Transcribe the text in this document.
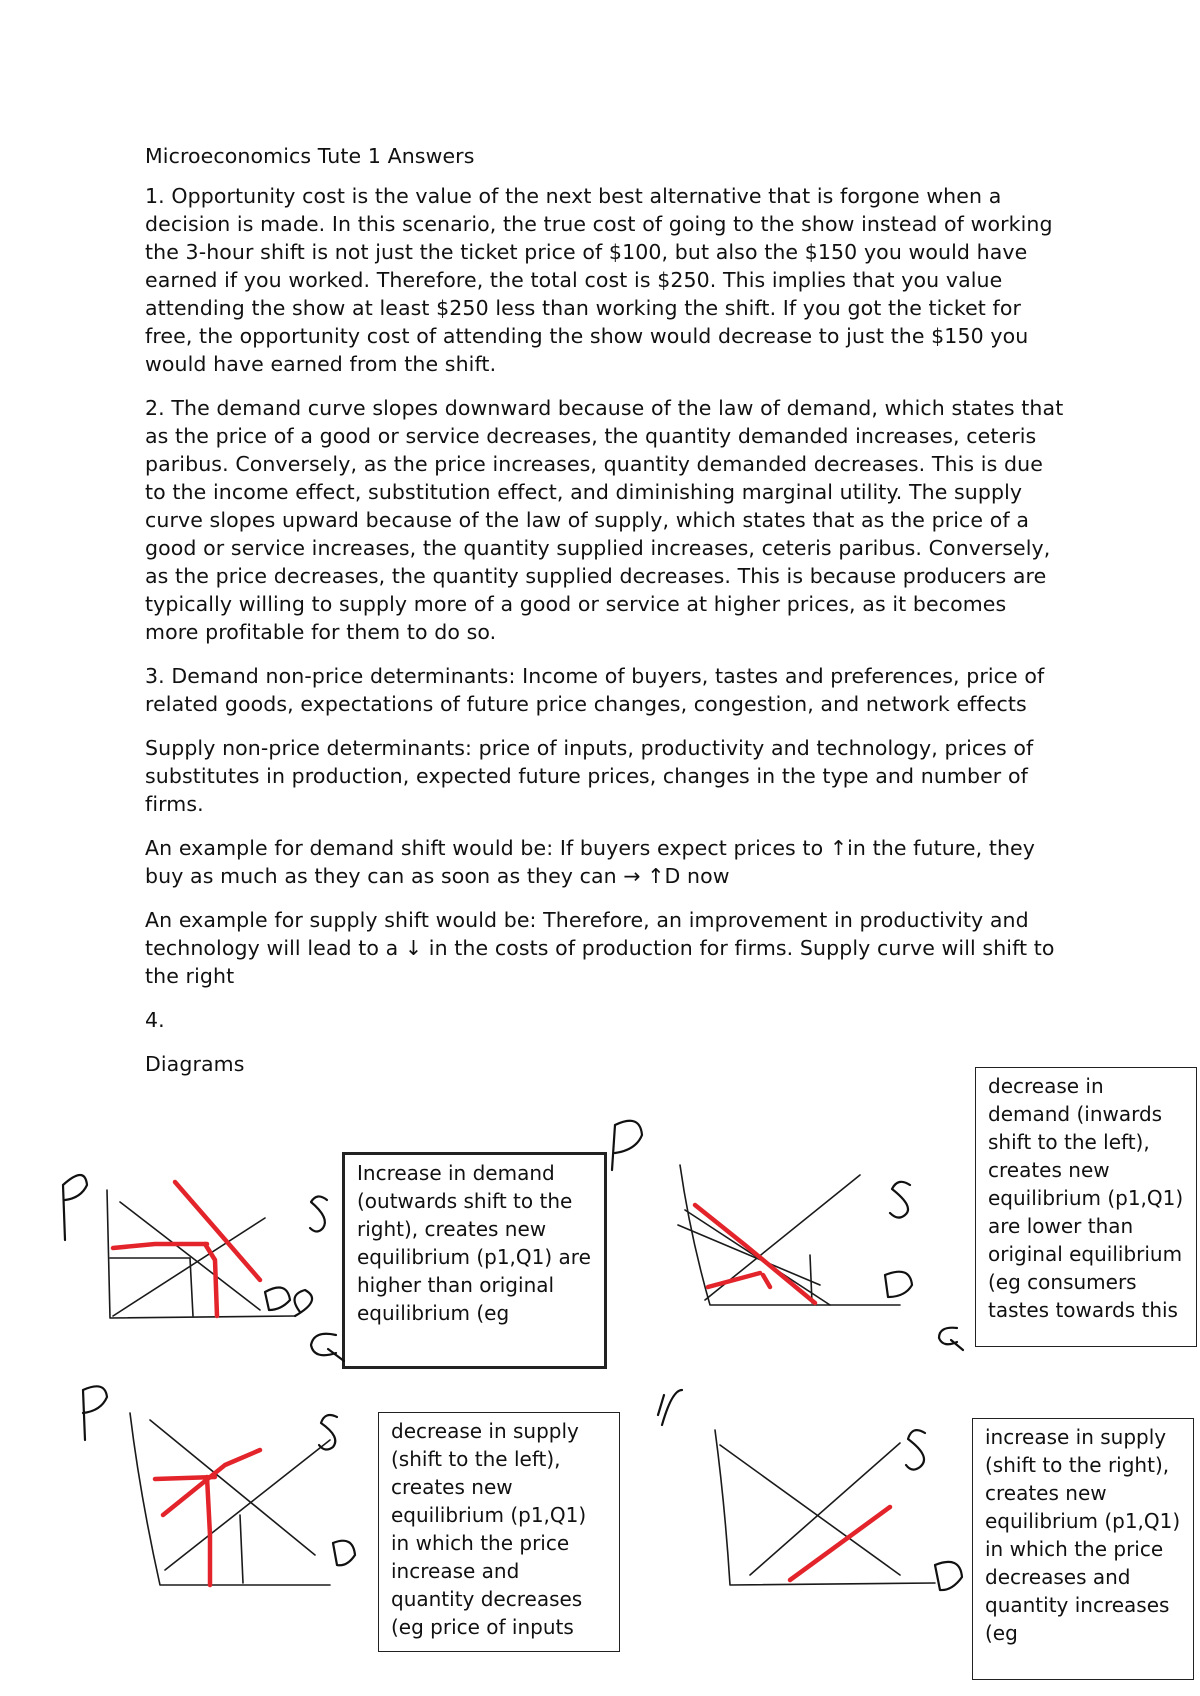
Microeconomics Tute 1 Answers

1. Opportunity cost is the value of the next best alternative that is forgone when a decision is made. In this scenario, the true cost of going to the show instead of working the 3-hour shift is not just the ticket price of $100, but also the $150 you would have earned if you worked. Therefore, the total cost is $250. This implies that you value attending the show at least $250 less than working the shift. If you got the ticket for free, the opportunity cost of attending the show would decrease to just the $150 you would have earned from the shift.

2. The demand curve slopes downward because of the law of demand, which states that as the price of a good or service decreases, the quantity demanded increases, ceteris paribus. Conversely, as the price increases, quantity demanded decreases. This is due to the income effect, substitution effect, and diminishing marginal utility. The supply curve slopes upward because of the law of supply, which states that as the price of a good or service increases, the quantity supplied increases, ceteris paribus. Conversely, as the price decreases, the quantity supplied decreases. This is because producers are typically willing to supply more of a good or service at higher prices, as it becomes more profitable for them to do so.

3. Demand non-price determinants: Income of buyers, tastes and preferences, price of related goods, expectations of future price changes, congestion, and network effects

Supply non-price determinants: price of inputs, productivity and technology, prices of substitutes in production, expected future prices, changes in the type and number of firms.

An example for demand shift would be: If buyers expect prices to ↑in the future, they buy as much as they can as soon as they can → ↑D now

An example for supply shift would be: Therefore, an improvement in productivity and technology will lead to a ↓ in the costs of production for firms. Supply curve will shift to the right

4.

Diagrams

Increase in demand (outwards shift to the right), creates new equilibrium (p1,Q1) are higher than original equilibrium (eg
decrease in demand (inwards shift to the left), creates new equilibrium (p1,Q1) are lower than original equilibrium (eg consumers tastes towards this
decrease in supply (shift to the left), creates new equilibrium (p1,Q1) in which the price increase and quantity decreases (eg price of inputs
increase in supply (shift to the right), creates new equilibrium (p1,Q1) in which the price decreases and quantity increases (eg
